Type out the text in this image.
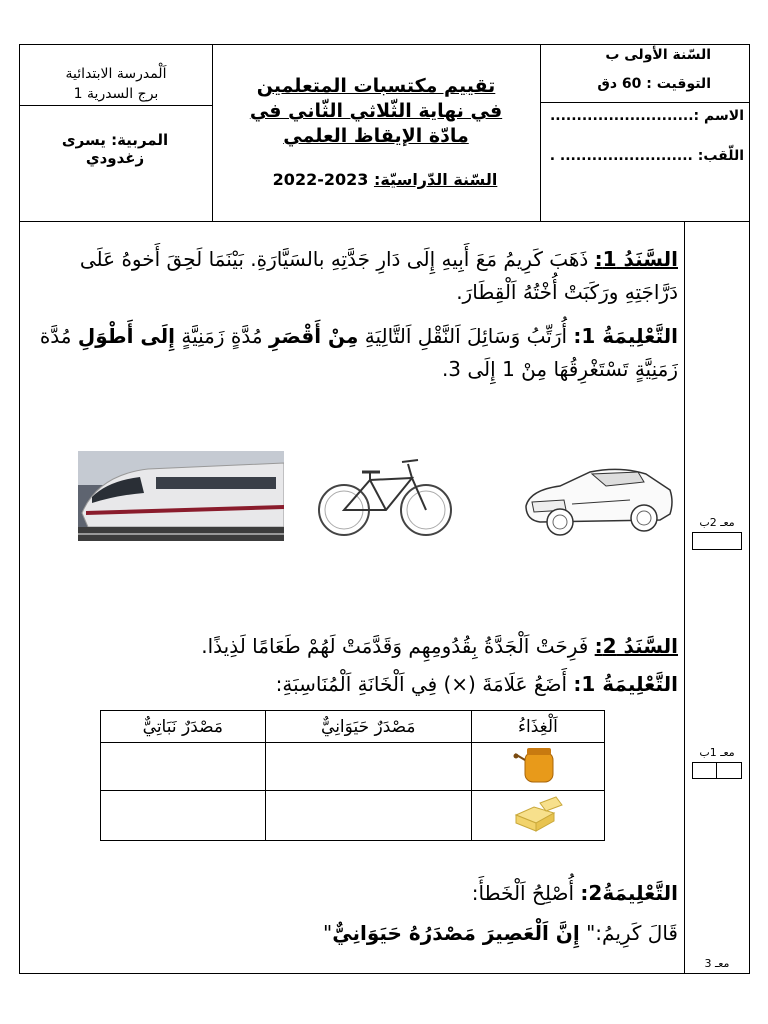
اَلْمدرسة الابتدائية
برج السدرية 1
المربية: يسرى زغدودي
تقييم مكتسبات المتعلمين
في نهاية الثّلاثي الثّاني في
مادّة الإيقاظ العلمي
السّنة الدّراسيّة: 2023-2022
السّنة الأولى ب
التوقيت : 60 دق
الاسم :...........................
اللّقب: ......................... .
السَّنَدُ 1: ذَهَبَ كَرِيمُ مَعَ أَبِيهِ إِلَى دَارِ جَدَّتِهِ بالسَيَّارَةِ. بَيْنَمَا لَحِقَ أَخوهُ عَلَى دَرَّاجَتِهِ ورَكَبَتْ أُخْتُهُ اَلْقِطَارَ.
التَّعْلِيمَةُ 1: أُرَتِّبُ وَسَائِلَ اَلنَّقْلِ اَلتَّالِيَةِ مِنْ أَقْصَرِ مُدَّةٍ زَمَنِيَّةٍ إِلَى أَطْوَلِ مُدَّة زَمَنِيَّةٍ تَسْتَغْرِقُهَا مِنْ 1 إِلَى 3.
معـ 2ب
السَّنَدُ 2: فَرِحَتْ اَلْجَدَّةُ بِقُدُومِهِم وَقَدَّمَتْ لَهُمْ طَعَامًا لَذِيذًا.
التَّعْلِيمَةُ 1: أَضَعُ عَلَامَةَ (×) فِي اَلْخَانَةِ اَلْمُنَاسِبَةِ:
اَلْغِذَاءُ	مَصْدَرٌ حَيَوَانِيٌّ	مَصْدَرٌ نَبَاتِيٌّ

معـ 1ب
التَّعْلِيمَةُ2: أُصْلِحُ اَلْخَطأَ:
قَالَ كَرِيمُ:" إِنَّ اَلْعَصِيرَ مَصْدَرُهُ حَيَوَانِيٌّ"
معـ 3
